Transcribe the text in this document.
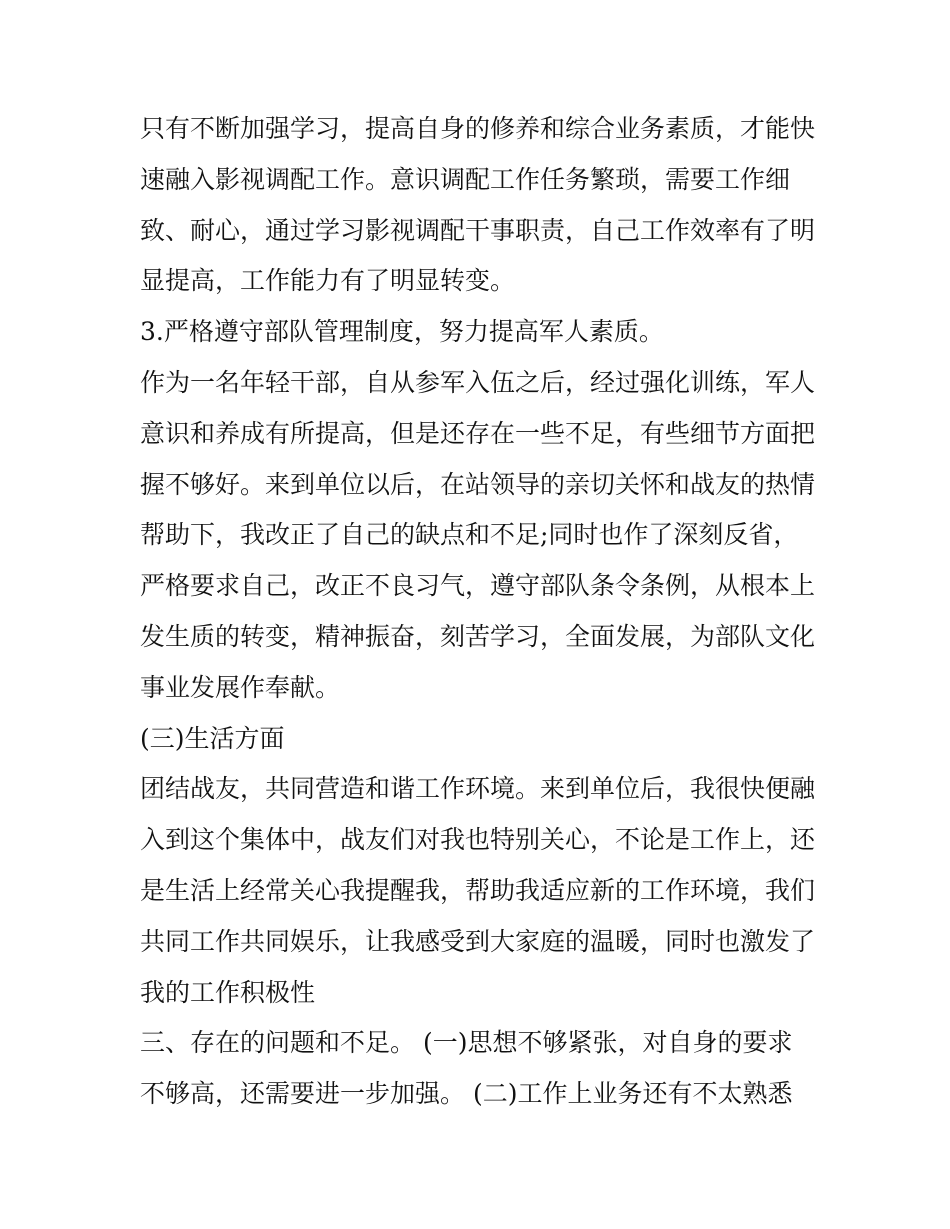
只有不断加强学习，提高自身的修养和综合业务素质，才能快
速融入影视调配工作。意识调配工作任务繁琐，需要工作细
致、耐心，通过学习影视调配干事职责，自己工作效率有了明
显提高，工作能力有了明显转变。
3.严格遵守部队管理制度，努力提高军人素质。
作为一名年轻干部，自从参军入伍之后，经过强化训练，军人
意识和养成有所提高，但是还存在一些不足，有些细节方面把
握不够好。来到单位以后，在站领导的亲切关怀和战友的热情
帮助下，我改正了自己的缺点和不足;同时也作了深刻反省，
严格要求自己，改正不良习气，遵守部队条令条例，从根本上
发生质的转变，精神振奋，刻苦学习，全面发展，为部队文化
事业发展作奉献。
(三)生活方面
团结战友，共同营造和谐工作环境。来到单位后，我很快便融
入到这个集体中，战友们对我也特别关心，不论是工作上，还
是生活上经常关心我提醒我，帮助我适应新的工作环境，我们
共同工作共同娱乐，让我感受到大家庭的温暖，同时也激发了
我的工作积极性
三、存在的问题和不足。 (一)思想不够紧张，对自身的要求
不够高，还需要进一步加强。 (二)工作上业务还有不太熟悉
